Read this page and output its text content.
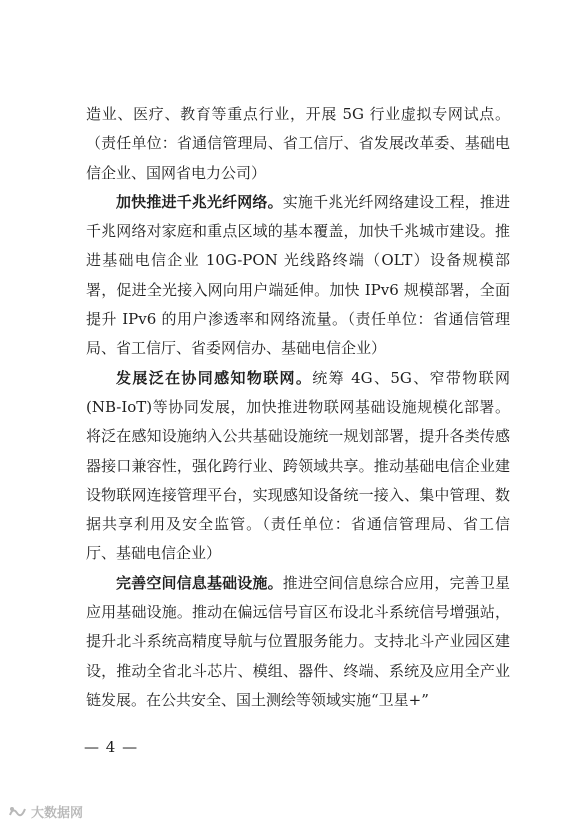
造业、医疗、教育等重点行业，开展 5G 行业虚拟专网试点。（责任单位：省通信管理局、省工信厅、省发展改革委、基础电信企业、国网省电力公司）

加快推进千兆光纤网络。实施千兆光纤网络建设工程，推进千兆网络对家庭和重点区域的基本覆盖，加快千兆城市建设。推进基础电信企业 10G-PON 光线路终端（OLT）设备规模部署，促进全光接入网向用户端延伸。加快 IPv6 规模部署，全面提升 IPv6 的用户渗透率和网络流量。（责任单位：省通信管理局、省工信厅、省委网信办、基础电信企业）

发展泛在协同感知物联网。统筹 4G、5G、窄带物联网(NB-IoT)等协同发展，加快推进物联网基础设施规模化部署。将泛在感知设施纳入公共基础设施统一规划部署，提升各类传感器接口兼容性，强化跨行业、跨领域共享。推动基础电信企业建设物联网连接管理平台，实现感知设备统一接入、集中管理、数据共享利用及安全监管。（责任单位：省通信管理局、省工信厅、基础电信企业）

完善空间信息基础设施。推进空间信息综合应用，完善卫星应用基础设施。推动在偏远信号盲区布设北斗系统信号增强站，提升北斗系统高精度导航与位置服务能力。支持北斗产业园区建设，推动全省北斗芯片、模组、器件、终端、系统及应用全产业链发展。在公共安全、国土测绘等领域实施“卫星+”

— 4 —
大数据网
